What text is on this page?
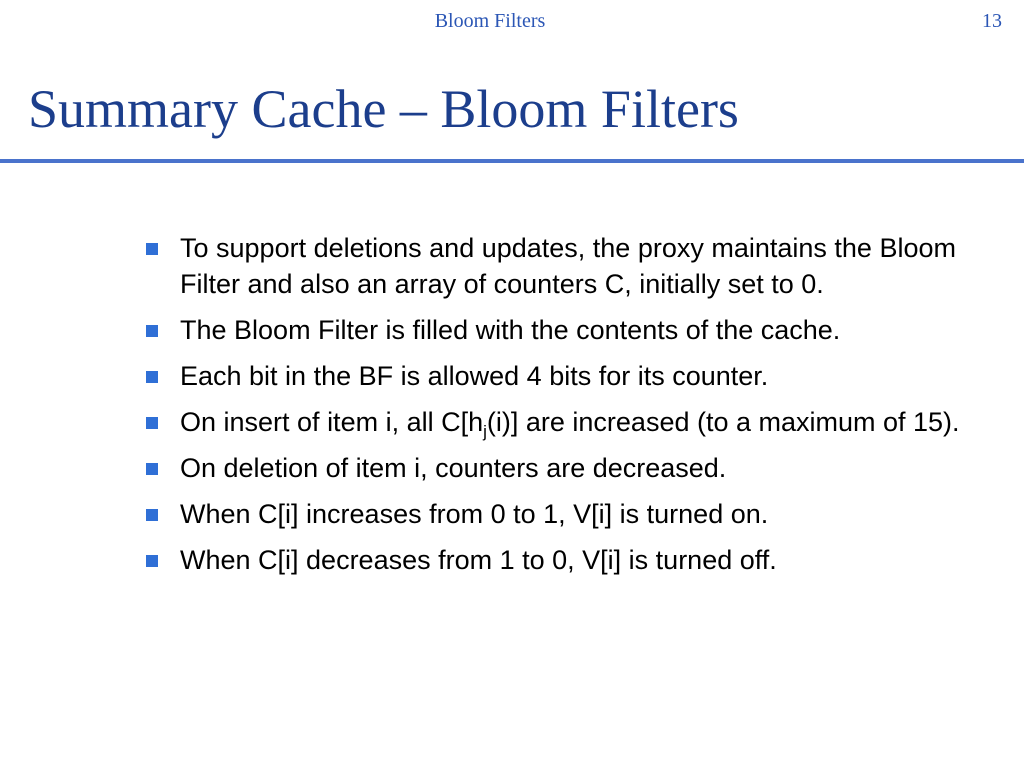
Bloom Filters	13
Summary Cache – Bloom Filters
To support deletions and updates, the proxy maintains the Bloom Filter and also an array of counters C, initially set to 0.
The Bloom Filter is filled with the contents of the cache.
Each bit in the BF is allowed 4 bits for its counter.
On insert of item i, all $C[h_j(i)]$ are increased (to a maximum of 15).
On deletion of item i, counters are decreased.
When C[i] increases from 0 to 1, V[i] is turned on.
When C[i] decreases from 1 to 0, V[i] is turned off.
